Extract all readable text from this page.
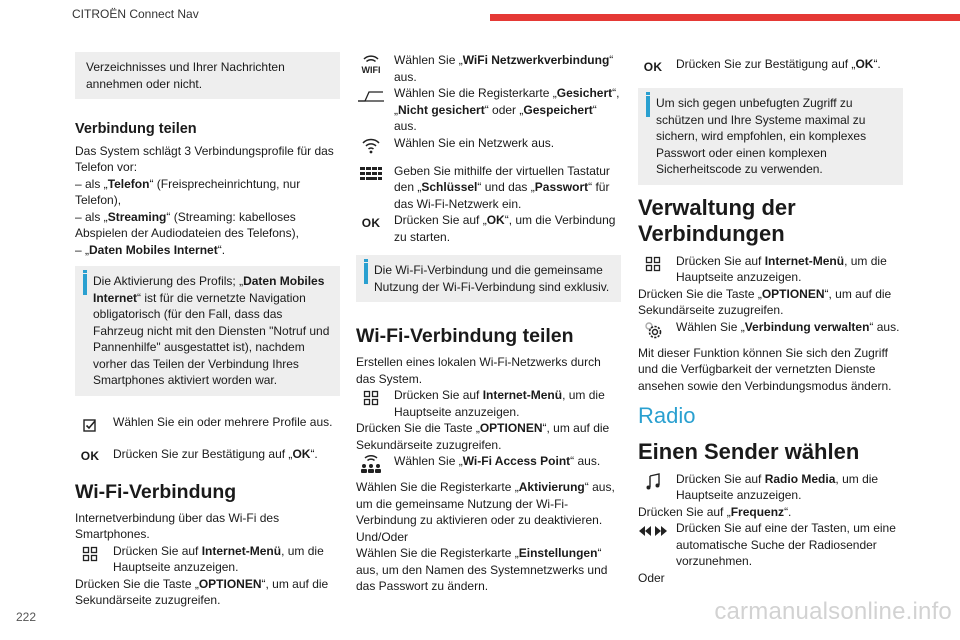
CITROËN Connect Nav

Verzeichnisses und Ihrer Nachrichten annehmen oder nicht.

Verbindung teilen

Das System schlägt 3 Verbindungsprofile für das Telefon vor:

– als „Telefon“ (Freisprecheinrichtung, nur Telefon),

– als „Streaming“ (Streaming: kabelloses Abspielen der Audiodateien des Telefons),

– „Daten Mobiles Internet“.

Die Aktivierung des Profils; „Daten Mobiles Internet“ ist für die vernetzte Navigation obligatorisch (für den Fall, dass das Fahrzeug nicht mit den Diensten "Notruf und Pannenhilfe" ausgestattet ist), nachdem vorher das Teilen der Verbindung Ihres Smartphones aktiviert worden war.

Wählen Sie ein oder mehrere Profile aus.

OK	Drücken Sie zur Bestätigung auf „OK“.

Wi-Fi-Verbindung

Internetverbindung über das Wi-Fi des Smartphones.

Drücken Sie auf Internet-Menü, um die Hauptseite anzuzeigen.

Drücken Sie die Taste „OPTIONEN“, um auf die Sekundärseite zuzugreifen.

WIFI

Wählen Sie „WiFi Netzwerkverbindung“ aus.

Wählen Sie die Registerkarte „Gesichert“, „Nicht gesichert“ oder „Gespeichert“ aus.

Wählen Sie ein Netzwerk aus.

Geben Sie mithilfe der virtuellen Tastatur den „Schlüssel“ und das „Passwort“ für das Wi-Fi-Netzwerk ein.

OK	Drücken Sie auf „OK“, um die Verbindung zu starten.

Die Wi-Fi-Verbindung und die gemeinsame Nutzung der Wi-Fi-Verbindung sind exklusiv.

Wi-Fi-Verbindung teilen

Erstellen eines lokalen Wi-Fi-Netzwerks durch das System.

Drücken Sie auf Internet-Menü, um die Hauptseite anzuzeigen.

Drücken Sie die Taste „OPTIONEN“, um auf die Sekundärseite zuzugreifen.

Wählen Sie „Wi-Fi Access Point“ aus.

Wählen Sie die Registerkarte „Aktivierung“ aus, um die gemeinsame Nutzung der Wi-Fi-Verbindung zu aktivieren oder zu deaktivieren.

Und/Oder

Wählen Sie die Registerkarte „Einstellungen“ aus, um den Namen des Systemnetzwerks und das Passwort zu ändern.

OK	Drücken Sie zur Bestätigung auf „OK“.

Um sich gegen unbefugten Zugriff zu schützen und Ihre Systeme maximal zu sichern, wird empfohlen, ein komplexes Passwort oder einen komplexen Sicherheitscode zu verwenden.

Verwaltung der Verbindungen

Drücken Sie auf Internet-Menü, um die Hauptseite anzuzeigen.

Drücken Sie die Taste „OPTIONEN“, um auf die Sekundärseite zuzugreifen.

Wählen Sie „Verbindung verwalten“ aus.

Mit dieser Funktion können Sie sich den Zugriff und die Verfügbarkeit der vernetzten Dienste ansehen sowie den Verbindungsmodus ändern.

Radio
Einen Sender wählen

Drücken Sie auf Radio Media, um die Hauptseite anzuzeigen.

Drücken Sie auf „Frequenz“.

Drücken Sie auf eine der Tasten, um eine automatische Suche der Radiosender vorzunehmen.

Oder

222	carmanualsonline.info
